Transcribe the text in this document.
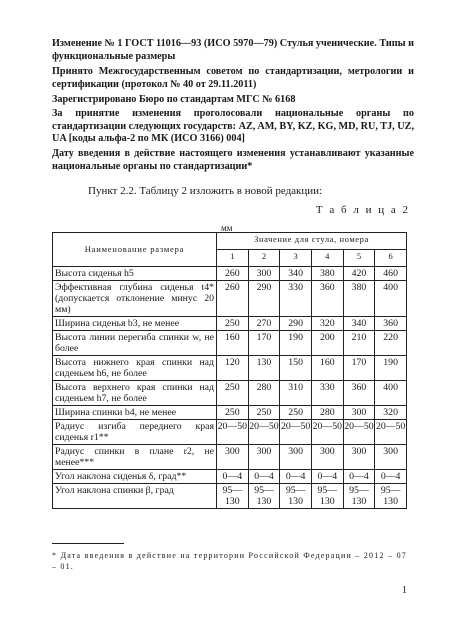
Изменение № 1 ГОСТ 11016—93 (ИСО 5970—79) Стулья ученические. Типы и функциональные размеры
Принято Межгосударственным советом по стандартизации, метрологии и сертификации (протокол № 40 от 29.11.2011)
Зарегистрировано Бюро по стандартам МГС № 6168
За принятие изменения проголосовали национальные органы по стандартизации следующих государств: AZ, AM, BY, KZ, KG, MD, RU, TJ, UZ, UA [коды альфа-2 по МК (ИСО 3166) 004]
Дату введения в действие настоящего изменения устанавливают указанные национальные органы по стандартизации*
Пункт 2.2. Таблицу 2 изложить в новой редакции:
Т а б л и ц а 2
мм
Наименование размера	Значение для стула, номера					
	1	2	3	4	5	6
Высота сиденья h5	260	300	340	380	420	460
Эффективная глубина сиденья t4* (допускается отклонение минус 20 мм)	260	290	330	360	380	400
Ширина сиденья b3, не менее	250	270	290	320	340	360
Высота линии перегиба спинки w, не более	160	170	190	200	210	220
Высота нижнего края спинки над сиденьем h6, не более	120	130	150	160	170	190
Высота верхнего края спинки над сиденьем h7, не более	250	280	310	330	360	400
Ширина спинки b4, не менее	250	250	250	280	300	320
Радиус изгиба переднего края сиденья r1**	20—50	20—50	20—50	20—50	20—50	20—50
Радиус спинки в плане r2, не менее***	300	300	300	300	300	300
Угол наклона сиденья δ, град**	0—4	0—4	0—4	0—4	0—4	0—4
Угол наклона спинки β, град	95—130	95—130	95—130	95—130	95—130	95—130
* Дата введения в действие на территории Российской Федерации – 2012 – 07 – 01.
1
